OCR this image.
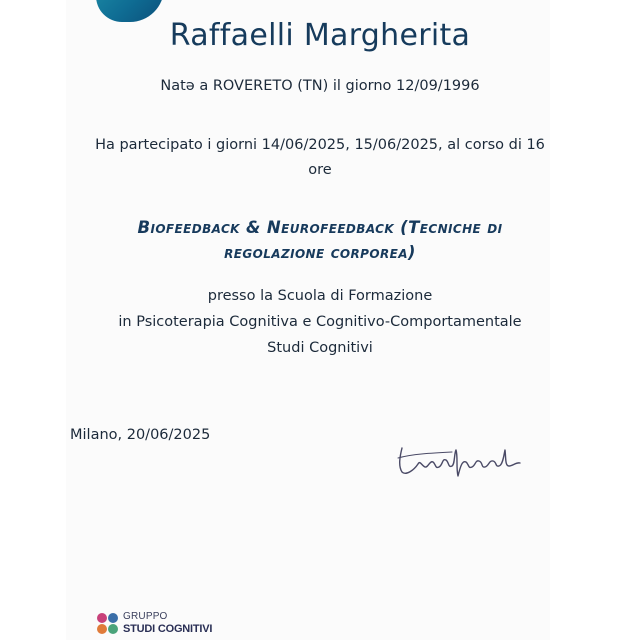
Raffaelli Margherita
Natə a ROVERETO (TN) il giorno 12/09/1996
Ha partecipato i giorni 14/06/2025, 15/06/2025, al corso di 16
ore
Biofeedback & Neurofeedback (Tecniche di
regolazione corporea)
presso la Scuola di Formazione
in Psicoterapia Cognitiva e Cognitivo-Comportamentale
Studi Cognitivi
Milano, 20/06/2025
GRUPPO
STUDI COGNITIVI
